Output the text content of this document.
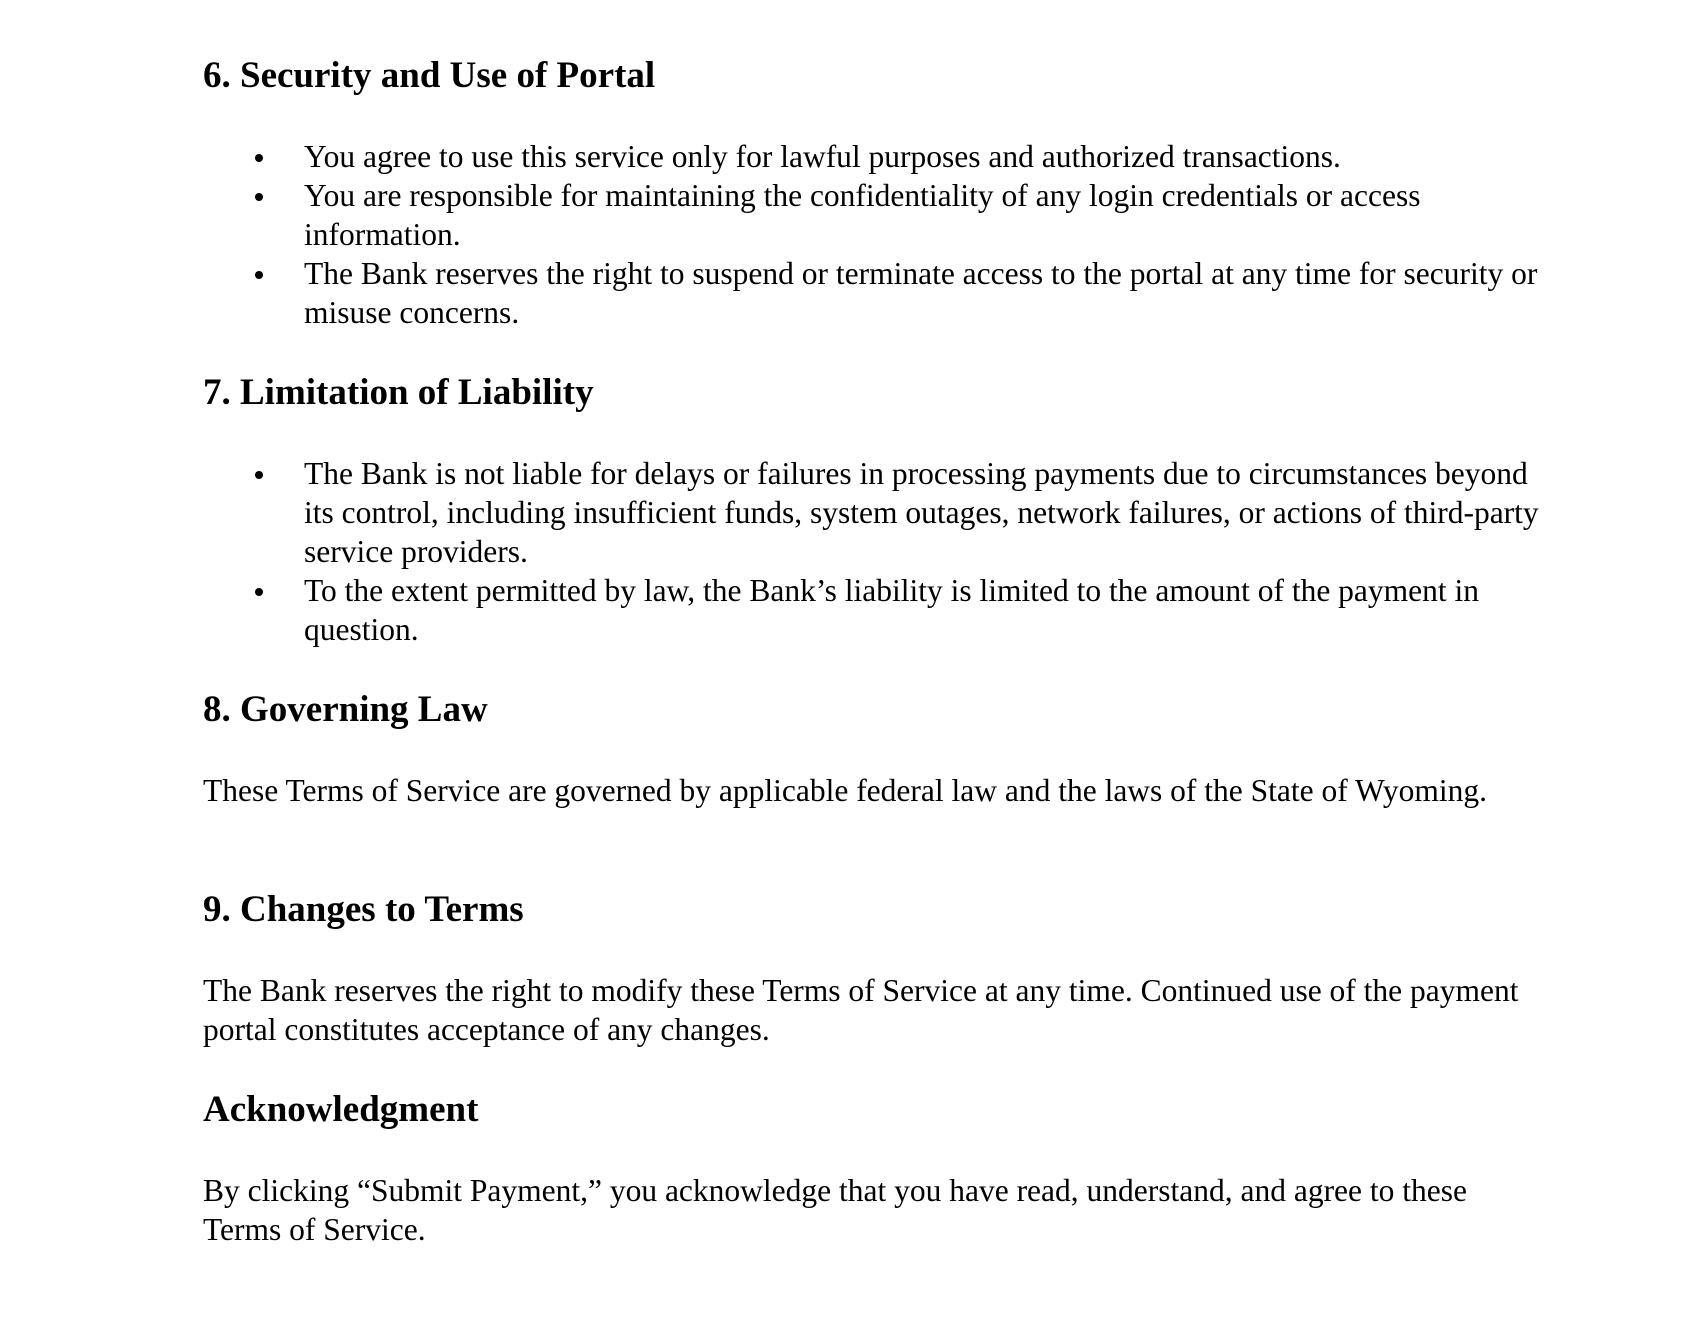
6. Security and Use of Portal
You agree to use this service only for lawful purposes and authorized transactions.
You are responsible for maintaining the confidentiality of any login credentials or access information.
The Bank reserves the right to suspend or terminate access to the portal at any time for security or misuse concerns.
7. Limitation of Liability
The Bank is not liable for delays or failures in processing payments due to circumstances beyond its control, including insufficient funds, system outages, network failures, or actions of third-party service providers.
To the extent permitted by law, the Bank’s liability is limited to the amount of the payment in question.
8. Governing Law

These Terms of Service are governed by applicable federal law and the laws of the State of Wyoming.

9. Changes to Terms

The Bank reserves the right to modify these Terms of Service at any time. Continued use of the payment portal constitutes acceptance of any changes.

Acknowledgment

By clicking “Submit Payment,” you acknowledge that you have read, understand, and agree to these Terms of Service.
